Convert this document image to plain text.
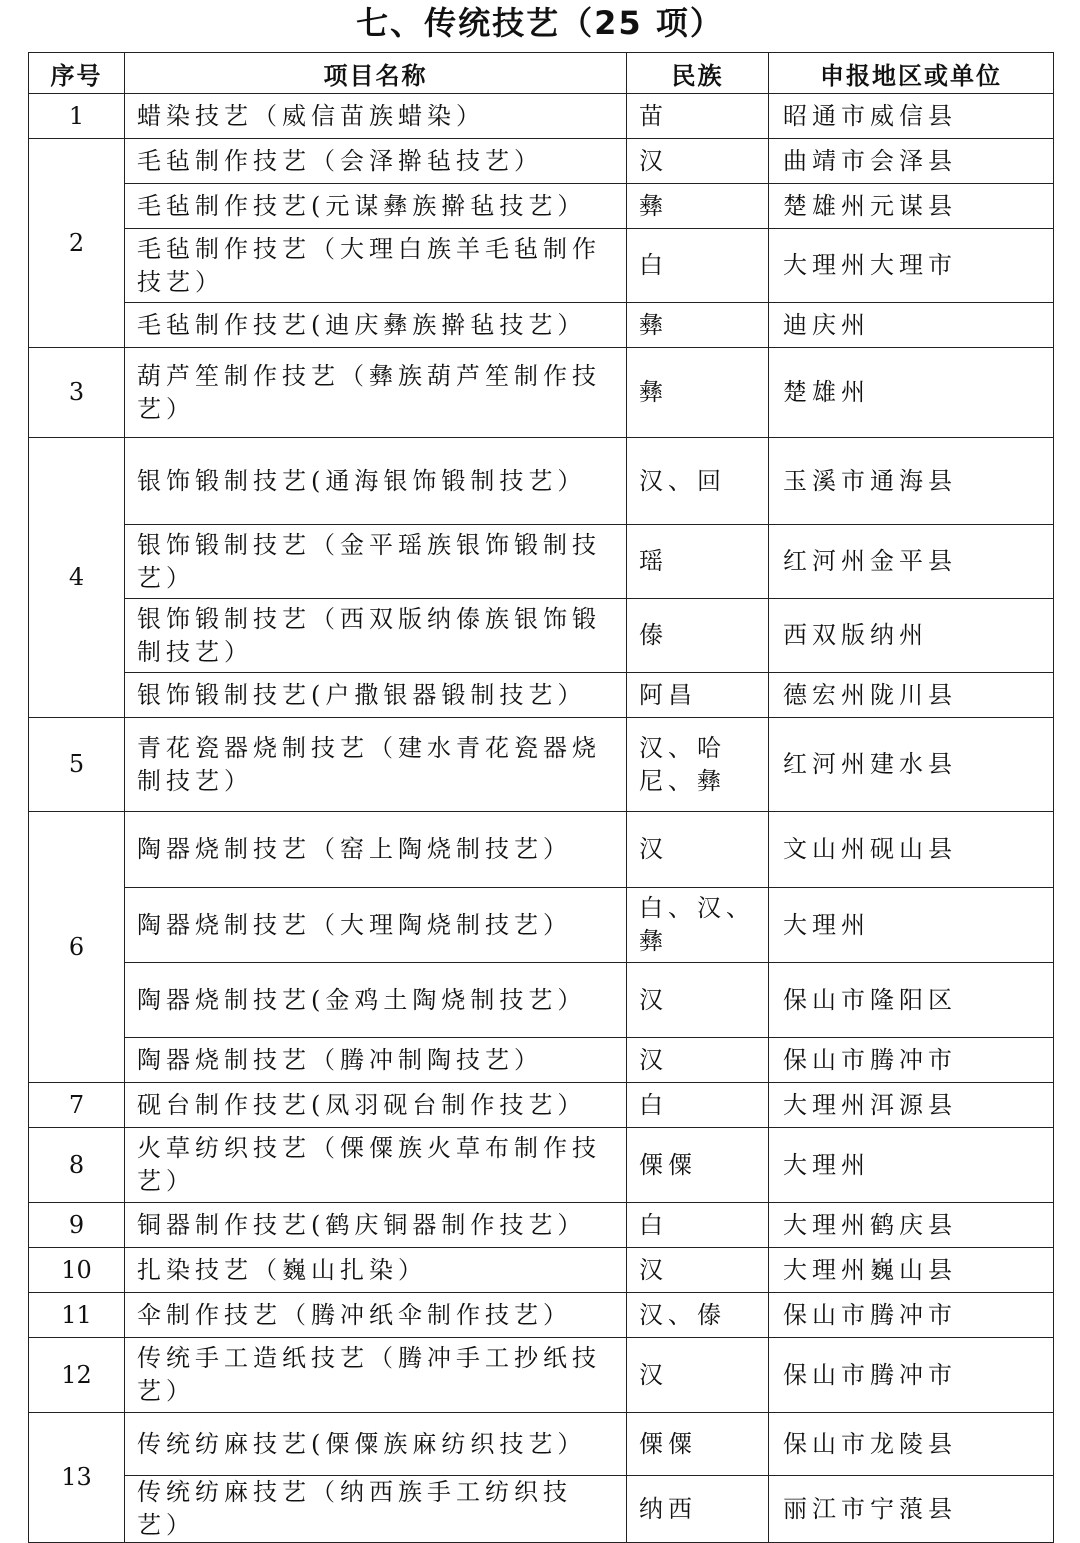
七、传统技艺（25 项）
序号	项目名称	民族	申报地区或单位
1	蜡染技艺（威信苗族蜡染）	苗	昭通市威信县
2	毛毡制作技艺（会泽擀毡技艺）	汉	曲靖市会泽县
	毛毡制作技艺(元谋彝族擀毡技艺）	彝	楚雄州元谋县
	毛毡制作技艺（大理白族羊毛毡制作技艺）	白	大理州大理市
	毛毡制作技艺(迪庆彝族擀毡技艺）	彝	迪庆州
3	葫芦笙制作技艺（彝族葫芦笙制作技艺）	彝	楚雄州
4	银饰锻制技艺(通海银饰锻制技艺）	汉、回	玉溪市通海县
	银饰锻制技艺（金平瑶族银饰锻制技艺）	瑶	红河州金平县
	银饰锻制技艺（西双版纳傣族银饰锻制技艺）	傣	西双版纳州
	银饰锻制技艺(户撒银器锻制技艺）	阿昌	德宏州陇川县
5	青花瓷器烧制技艺（建水青花瓷器烧制技艺）	汉、哈尼、彝	红河州建水县
6	陶器烧制技艺（窑上陶烧制技艺）	汉	文山州砚山县
	陶器烧制技艺（大理陶烧制技艺）	白、汉、彝	大理州
	陶器烧制技艺(金鸡土陶烧制技艺）	汉	保山市隆阳区
	陶器烧制技艺（腾冲制陶技艺）	汉	保山市腾冲市
7	砚台制作技艺(凤羽砚台制作技艺）	白	大理州洱源县
8	火草纺织技艺（傈僳族火草布制作技艺）	傈僳	大理州
9	铜器制作技艺(鹤庆铜器制作技艺）	白	大理州鹤庆县
10	扎染技艺（巍山扎染）	汉	大理州巍山县
11	伞制作技艺（腾冲纸伞制作技艺）	汉、傣	保山市腾冲市
12	传统手工造纸技艺（腾冲手工抄纸技艺）	汉	保山市腾冲市
13	传统纺麻技艺(傈僳族麻纺织技艺）	傈僳	保山市龙陵县
	传统纺麻技艺（纳西族手工纺织技艺）	纳西	丽江市宁蒗县
